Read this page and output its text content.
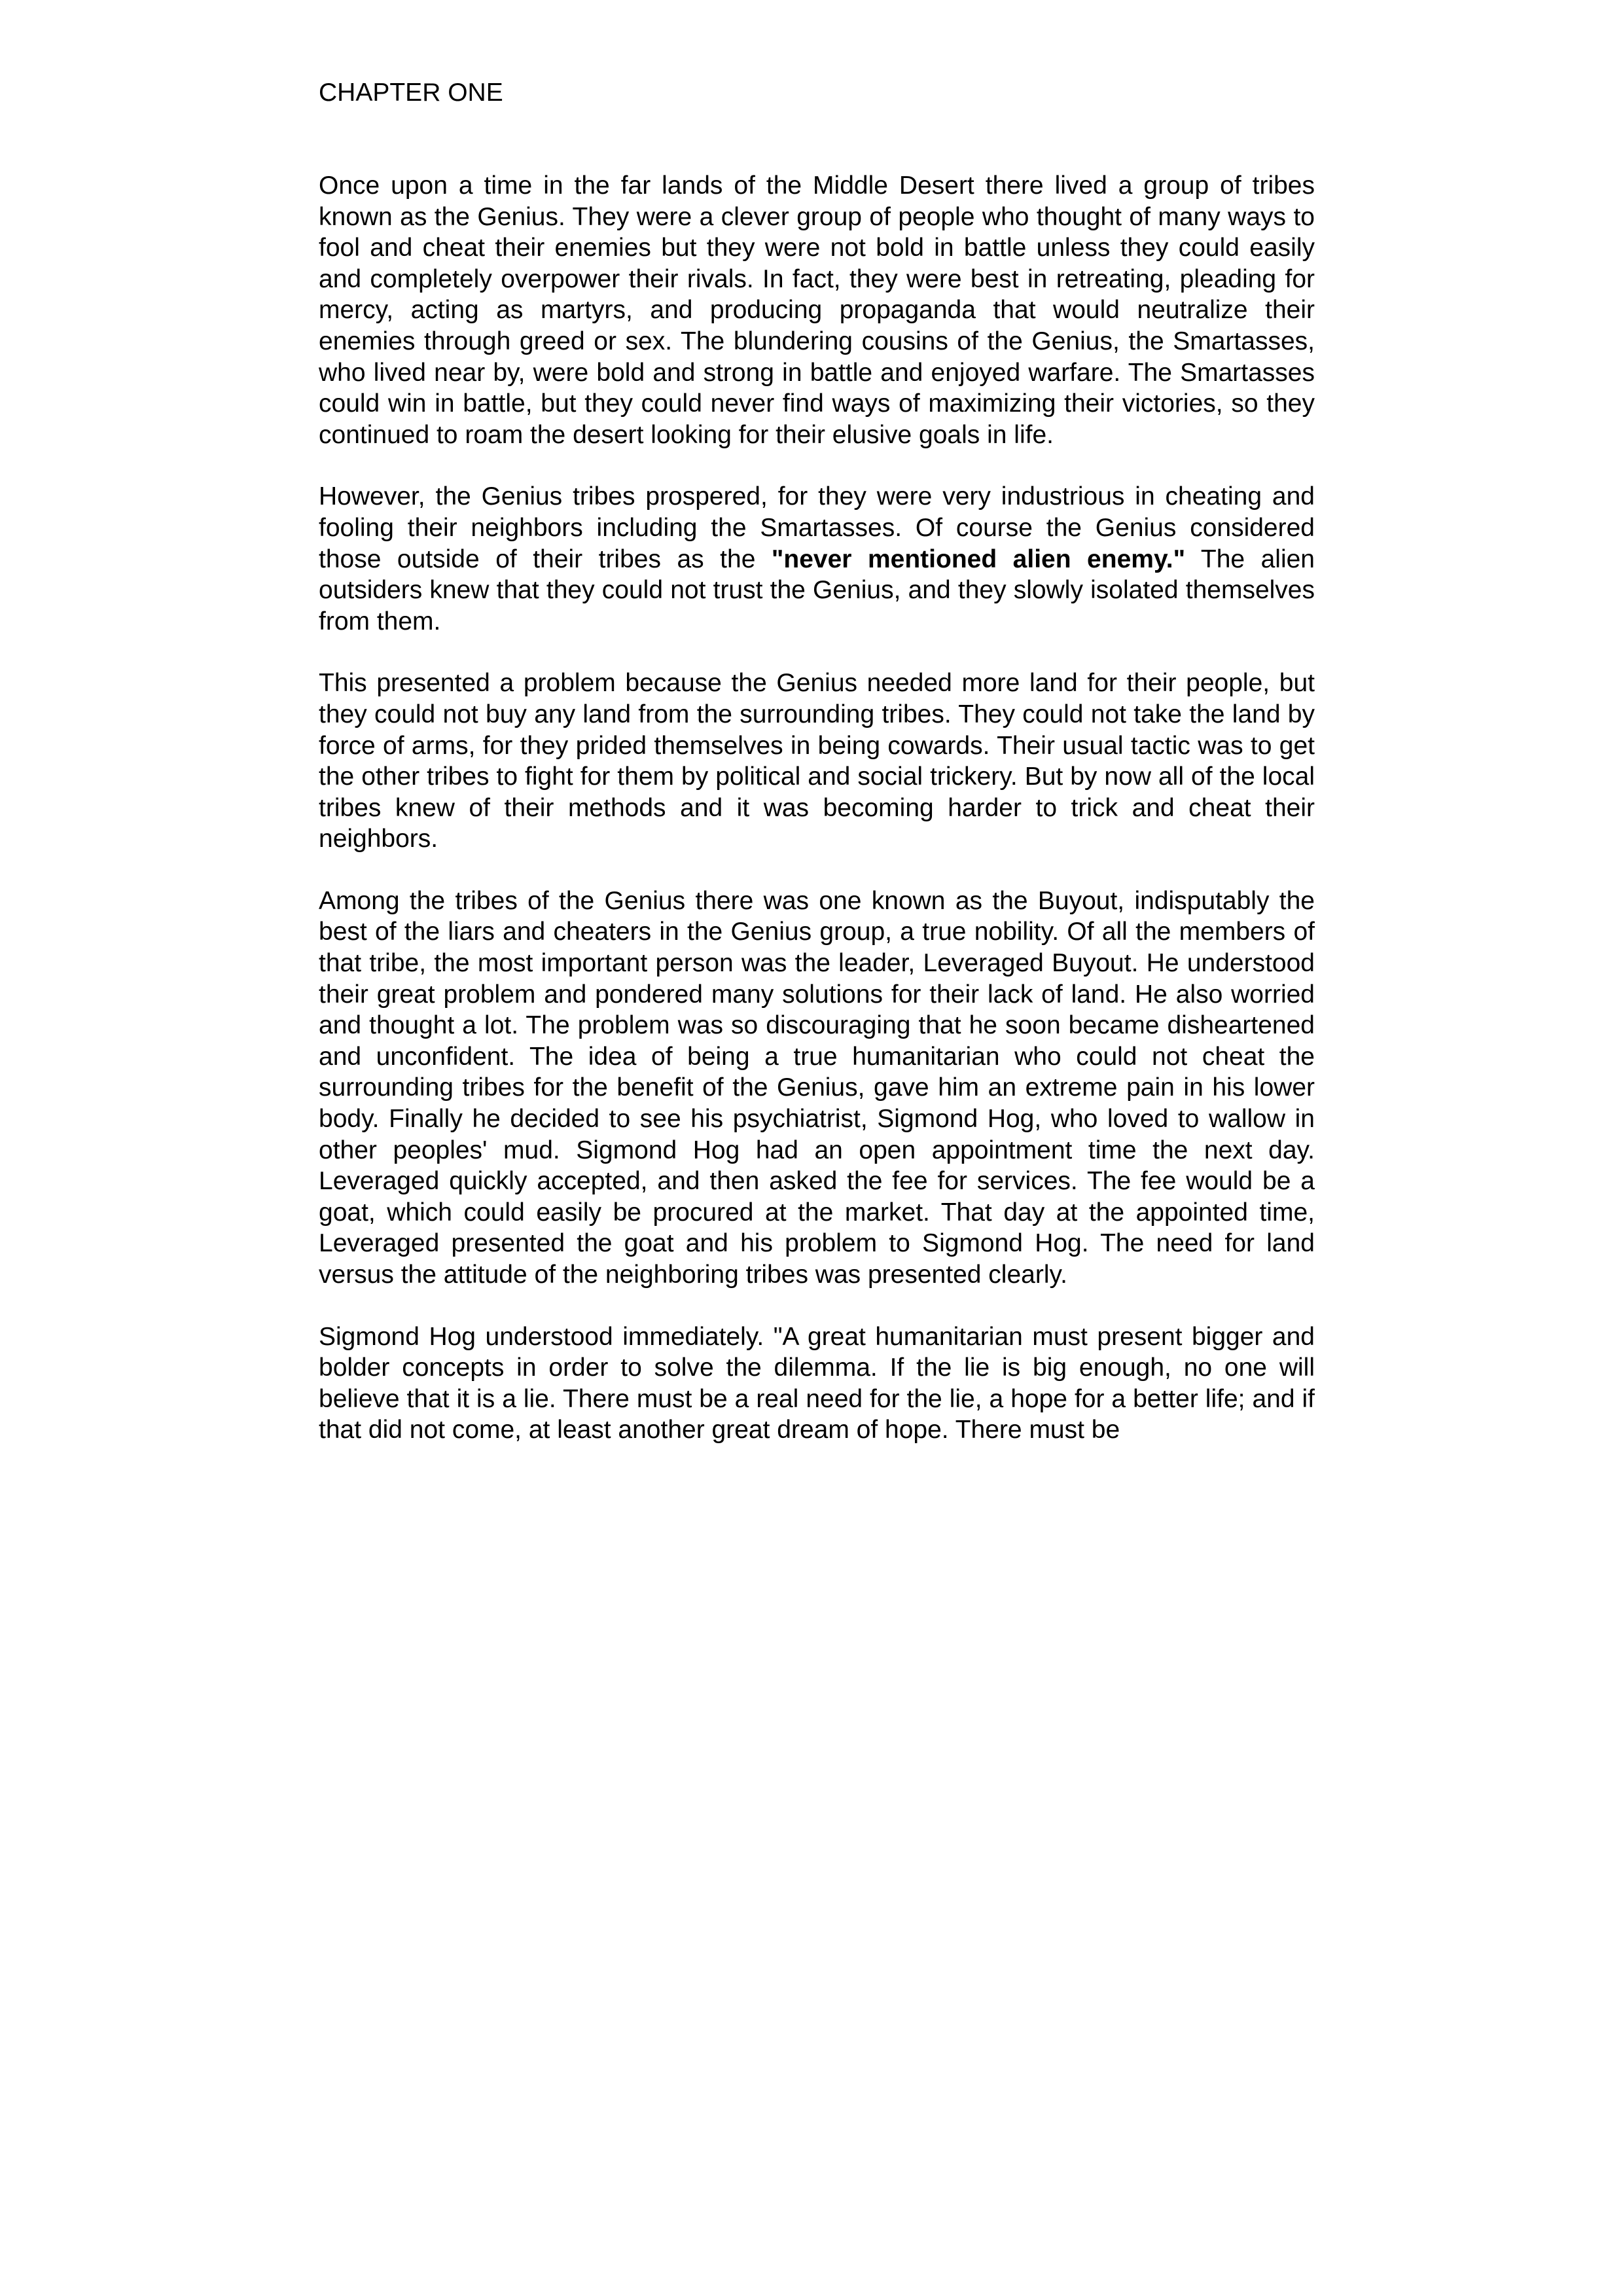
CHAPTER ONE

Once upon a time in the far lands of the Middle Desert there lived a group of tribes known as the Genius. They were a clever group of people who thought of many ways to fool and cheat their enemies but they were not bold in battle unless they could easily and completely overpower their rivals. In fact, they were best in retreating, pleading for mercy, acting as martyrs, and producing propaganda that would neutralize their enemies through greed or sex. The blundering cousins of the Genius, the Smartasses, who lived near by, were bold and strong in battle and enjoyed warfare. The Smartasses could win in battle, but they could never find ways of maximizing their victories, so they continued to roam the desert looking for their elusive goals in life.

However, the Genius tribes prospered, for they were very industrious in cheating and fooling their neighbors including the Smartasses. Of course the Genius considered those outside of their tribes as the "never mentioned alien enemy." The alien outsiders knew that they could not trust the Genius, and they slowly isolated themselves from them.

This presented a problem because the Genius needed more land for their people, but they could not buy any land from the surrounding tribes. They could not take the land by force of arms, for they prided themselves in being cowards. Their usual tactic was to get the other tribes to fight for them by political and social trickery. But by now all of the local tribes knew of their methods and it was becoming harder to trick and cheat their neighbors.

Among the tribes of the Genius there was one known as the Buyout, indisputably the best of the liars and cheaters in the Genius group, a true nobility. Of all the members of that tribe, the most important person was the leader, Leveraged Buyout. He understood their great problem and pondered many solutions for their lack of land. He also worried and thought a lot. The problem was so discouraging that he soon became disheartened and unconfident. The idea of being a true humanitarian who could not cheat the surrounding tribes for the benefit of the Genius, gave him an extreme pain in his lower body. Finally he decided to see his psychiatrist, Sigmond Hog, who loved to wallow in other peoples' mud. Sigmond Hog had an open appointment time the next day. Leveraged quickly accepted, and then asked the fee for services. The fee would be a goat, which could easily be procured at the market. That day at the appointed time, Leveraged presented the goat and his problem to Sigmond Hog. The need for land versus the attitude of the neighboring tribes was presented clearly.

Sigmond Hog understood immediately. "A great humanitarian must present bigger and bolder concepts in order to solve the dilemma. If the lie is big enough, no one will believe that it is a lie. There must be a real need for the lie, a hope for a better life; and if that did not come, at least another great dream of hope. There must be
